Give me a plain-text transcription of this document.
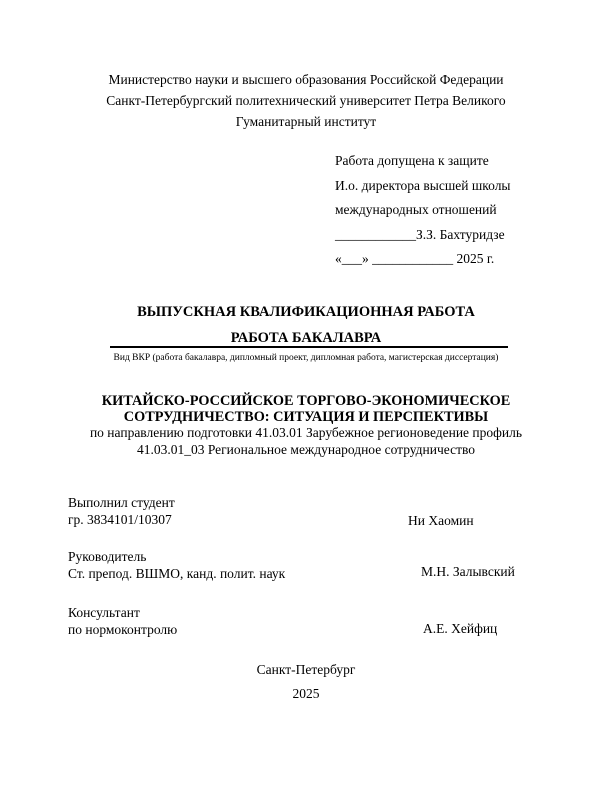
Министерство науки и высшего образования Российской Федерации
Санкт-Петербургский политехнический университет Петра Великого
Гуманитарный институт
Работа допущена к защите
И.о. директора высшей школы
международных отношений
____________З.З. Бахтуридзе
«___» ____________ 2025 г.
ВЫПУСКНАЯ КВАЛИФИКАЦИОННАЯ РАБОТА
РАБОТА БАКАЛАВРА
Вид ВКР (работа бакалавра, дипломный проект, дипломная работа, магистерская диссертация)
КИТАЙСКО-РОССИЙСКОЕ ТОРГОВО-ЭКОНОМИЧЕСКОЕ
СОТРУДНИЧЕСТВО: СИТУАЦИЯ И ПЕРСПЕКТИВЫ
по направлению подготовки 41.03.01 Зарубежное регионоведение профиль
41.03.01_03 Региональное международное сотрудничество
Выполнил студент
гр. 3834101/10307	Ни Хаомин
Руководитель
Ст. препод. ВШМО, канд. полит. наук	М.Н. Залывский
Консультант
по нормоконтролю	А.Е. Хейфиц
Санкт-Петербург
2025
